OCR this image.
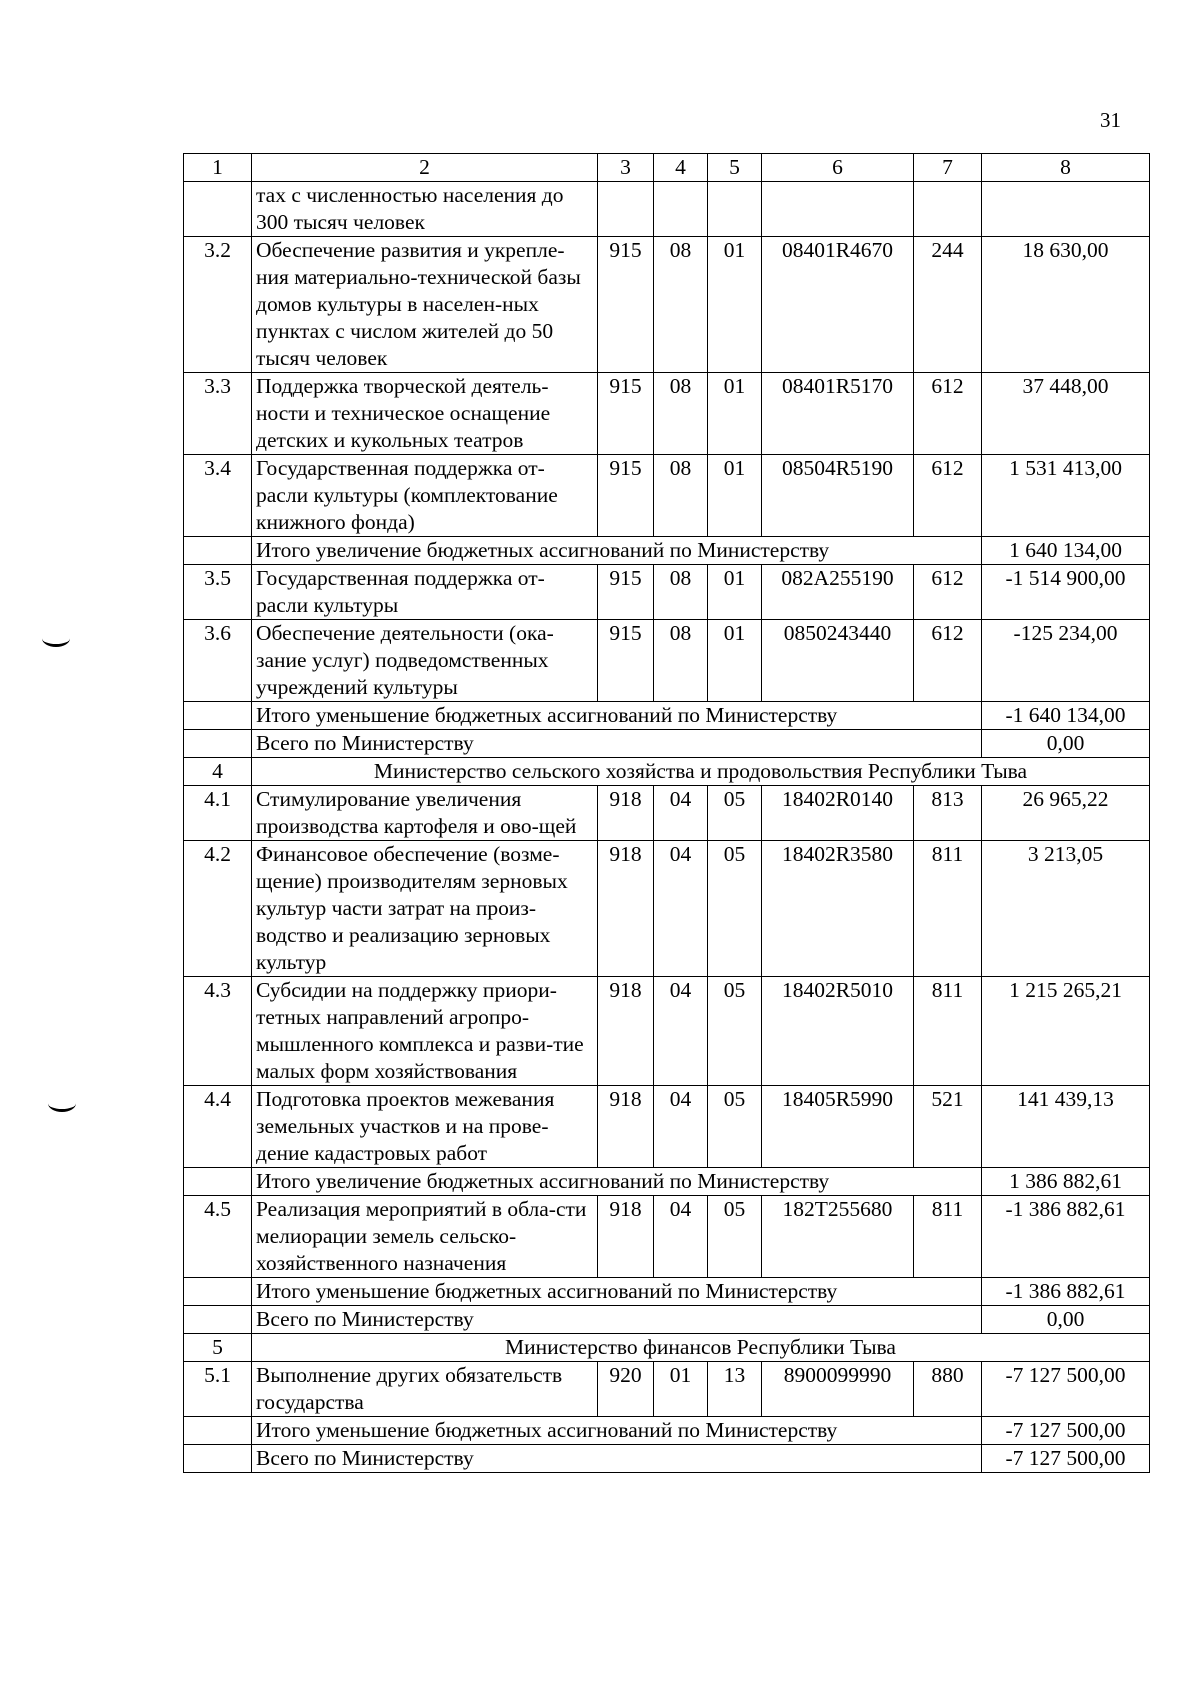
31
1	2	3	4	5	6	7	8
	тах с численностью населения до 300 тысяч человек						
3.2	Обеспечение развития и укрепле-ния материально-технической базы домов культуры в населен-ных пунктах с числом жителей до 50 тысяч человек	915	08	01	08401R4670	244	18 630,00
3.3	Поддержка творческой деятель-ности и техническое оснащение детских и кукольных театров	915	08	01	08401R5170	612	37 448,00
3.4	Государственная поддержка от-расли культуры (комплектование книжного фонда)	915	08	01	08504R5190	612	1 531 413,00
	Итого увеличение бюджетных ассигнований по Министерству						1 640 134,00
3.5	Государственная поддержка от-расли культуры	915	08	01	082A255190	612	-1 514 900,00
3.6	Обеспечение деятельности (ока-зание услуг) подведомственных учреждений культуры	915	08	01	0850243440	612	-125 234,00
	Итого уменьшение бюджетных ассигнований по Министерству						-1 640 134,00
	Всего по Министерству						0,00
4	Министерство сельского хозяйства и продовольствия Республики Тыва						
4.1	Стимулирование увеличения производства картофеля и ово-щей	918	04	05	18402R0140	813	26 965,22
4.2	Финансовое обеспечение (возме-щение) производителям зерновых культур части затрат на произ-водство и реализацию зерновых культур	918	04	05	18402R3580	811	3 213,05
4.3	Субсидии на поддержку приори-тетных направлений агропро-мышленного комплекса и разви-тие малых форм хозяйствования	918	04	05	18402R5010	811	1 215 265,21
4.4	Подготовка проектов межевания земельных участков и на прове-дение кадастровых работ	918	04	05	18405R5990	521	141 439,13
	Итого увеличение бюджетных ассигнований по Министерству						1 386 882,61
4.5	Реализация мероприятий в обла-сти мелиорации земель сельско-хозяйственного назначения	918	04	05	182Т255680	811	-1 386 882,61
	Итого уменьшение бюджетных ассигнований по Министерству						-1 386 882,61
	Всего по Министерству						0,00
5	Министерство финансов Республики Тыва						
5.1	Выполнение других обязательств государства	920	01	13	8900099990	880	-7 127 500,00
	Итого уменьшение бюджетных ассигнований по Министерству						-7 127 500,00
	Всего по Министерству						-7 127 500,00
